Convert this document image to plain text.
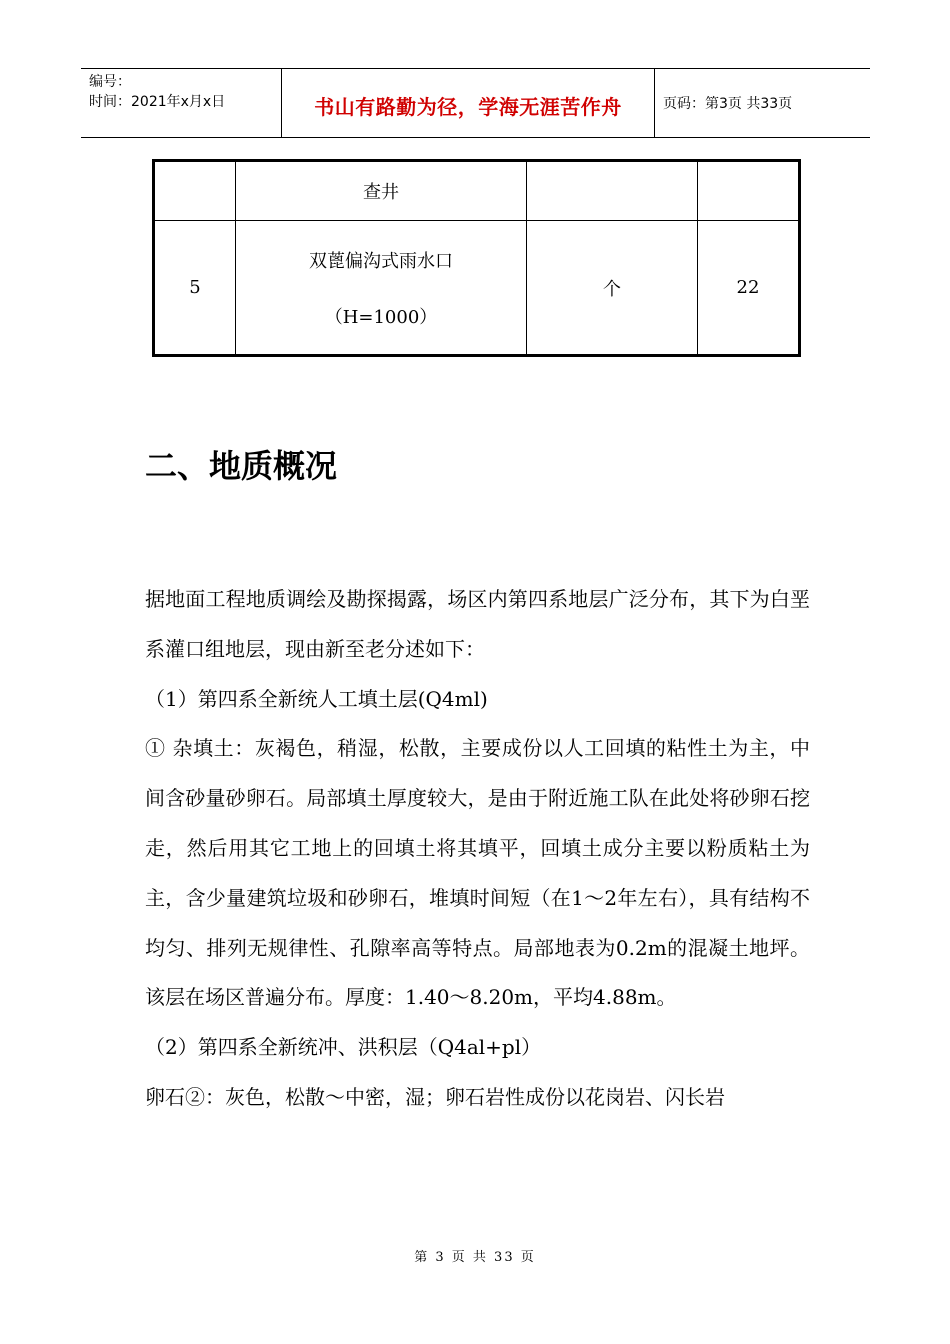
编号：
时间：2021年x月x日	书山有路勤为径，学海无涯苦作舟	页码：第3页 共33页
	查井		
5	双蓖偏沟式雨水口
（H=1000）	个	22
二、地质概况

据地面工程地质调绘及勘探揭露，场区内第四系地层广泛分布，其下为白垩系灌口组地层，现由新至老分述如下：

（1）第四系全新统人工填土层(Q4ml)

① 杂填土：灰褐色，稍湿，松散，主要成份以人工回填的粘性土为主，中间含砂量砂卵石。局部填土厚度较大，是由于附近施工队在此处将砂卵石挖走，然后用其它工地上的回填土将其填平，回填土成分主要以粉质粘土为主，含少量建筑垃圾和砂卵石，堆填时间短（在1～2年左右），具有结构不均匀、排列无规律性、孔隙率高等特点。局部地表为0.2m的混凝土地坪。该层在场区普遍分布。厚度：1.40～8.20m，平均4.88m。

（2）第四系全新统冲、洪积层（Q4al+pl）

卵石②：灰色，松散～中密，湿；卵石岩性成份以花岗岩、闪长岩

第 3 页 共 33 页
